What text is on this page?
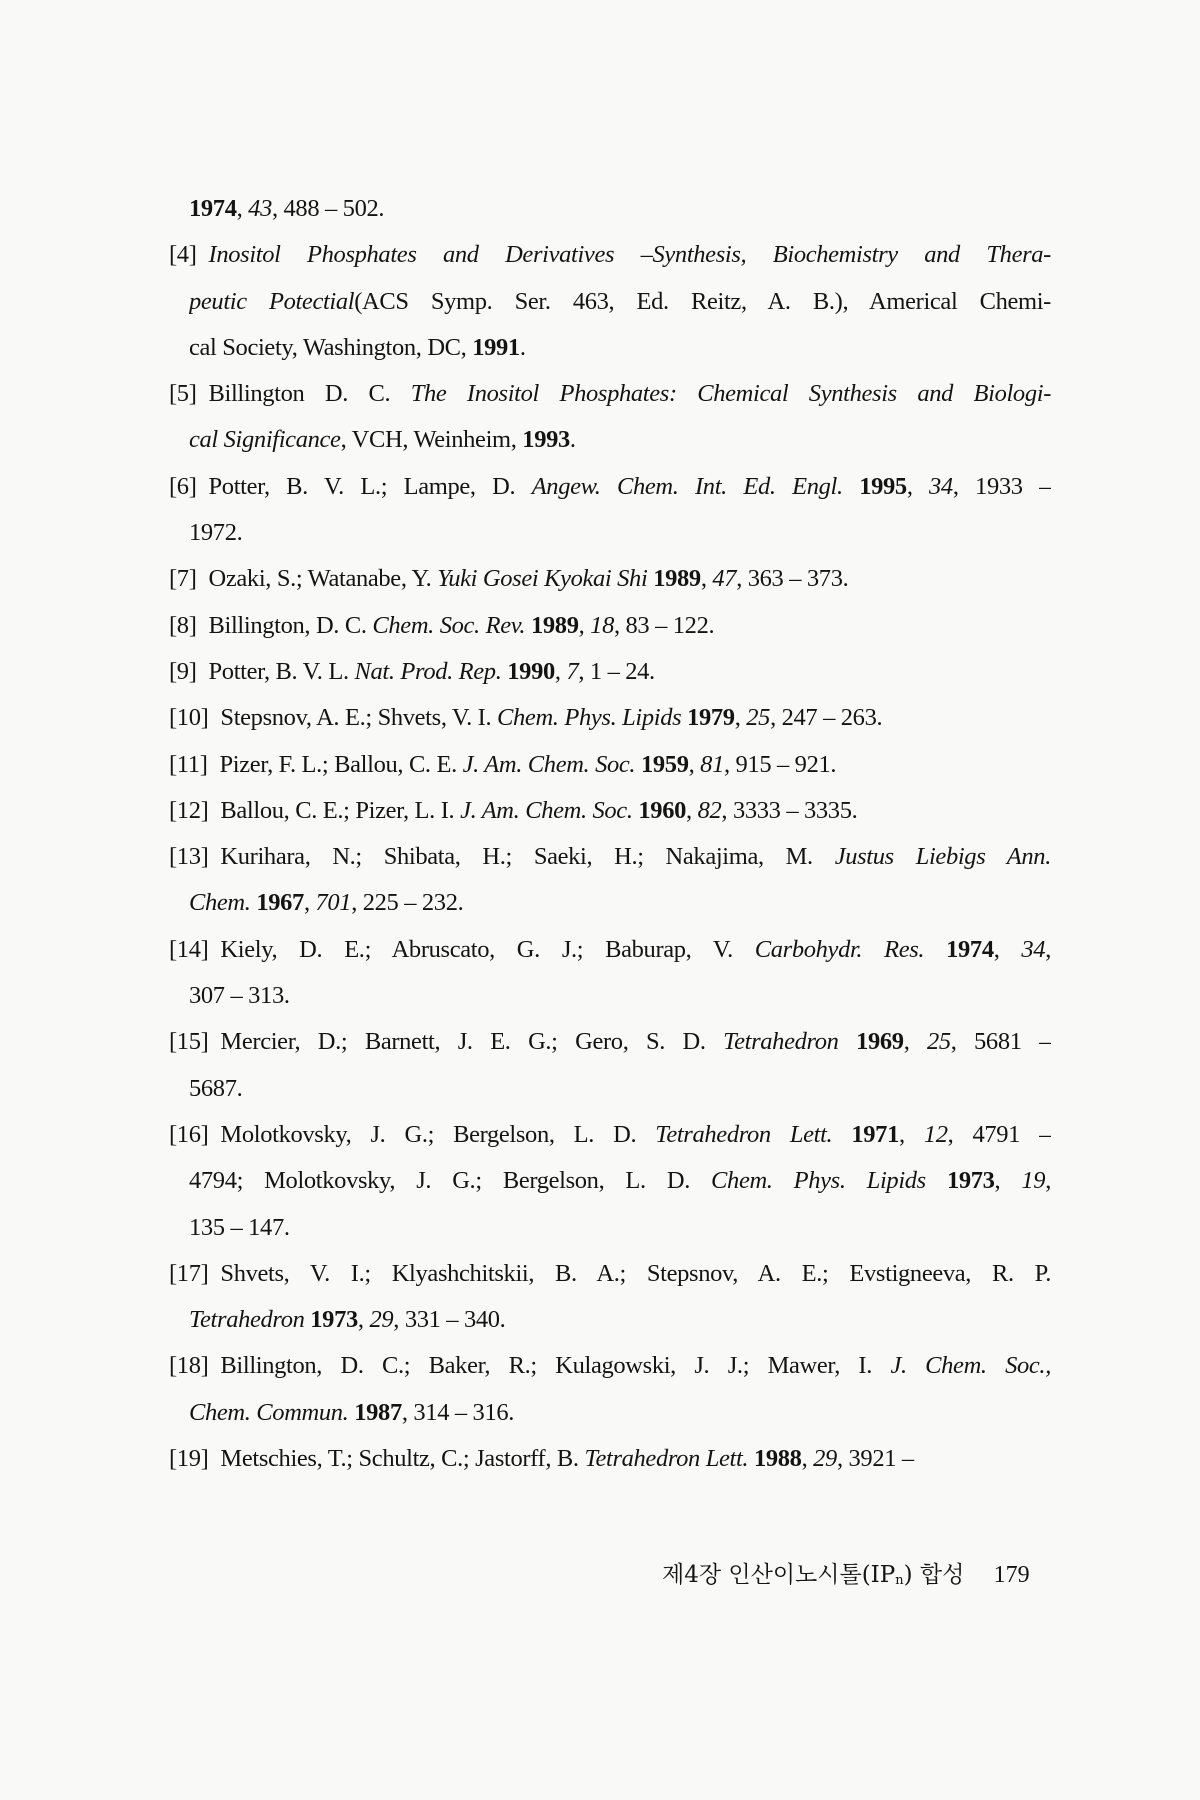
1974, 43, 488 – 502.
[4] Inositol Phosphates and Derivatives –Synthesis, Biochemistry and Thera-
peutic Potectial(ACS Symp. Ser. 463, Ed. Reitz, A. B.), Americal Chemi-
cal Society, Washington, DC, 1991.
[5] Billington D. C. The Inositol Phosphates: Chemical Synthesis and Biologi-
cal Significance, VCH, Weinheim, 1993.
[6] Potter, B. V. L.; Lampe, D. Angew. Chem. Int. Ed. Engl. 1995, 34, 1933 –
1972.
[7] Ozaki, S.; Watanabe, Y. Yuki Gosei Kyokai Shi 1989, 47, 363 – 373.
[8] Billington, D. C. Chem. Soc. Rev. 1989, 18, 83 – 122.
[9] Potter, B. V. L. Nat. Prod. Rep. 1990, 7, 1 – 24.
[10] Stepsnov, A. E.; Shvets, V. I. Chem. Phys. Lipids 1979, 25, 247 – 263.
[11] Pizer, F. L.; Ballou, C. E. J. Am. Chem. Soc. 1959, 81, 915 – 921.
[12] Ballou, C. E.; Pizer, L. I. J. Am. Chem. Soc. 1960, 82, 3333 – 3335.
[13] Kurihara, N.; Shibata, H.; Saeki, H.; Nakajima, M. Justus Liebigs Ann.
Chem. 1967, 701, 225 – 232.
[14] Kiely, D. E.; Abruscato, G. J.; Baburap, V. Carbohydr. Res. 1974, 34,
307 – 313.
[15] Mercier, D.; Barnett, J. E. G.; Gero, S. D. Tetrahedron 1969, 25, 5681 –
5687.
[16] Molotkovsky, J. G.; Bergelson, L. D. Tetrahedron Lett. 1971, 12, 4791 –
4794; Molotkovsky, J. G.; Bergelson, L. D. Chem. Phys. Lipids 1973, 19,
135 – 147.
[17] Shvets, V. I.; Klyashchitskii, B. A.; Stepsnov, A. E.; Evstigneeva, R. P.
Tetrahedron 1973, 29, 331 – 340.
[18] Billington, D. C.; Baker, R.; Kulagowski, J. J.; Mawer, I. J. Chem. Soc.,
Chem. Commun. 1987, 314 – 316.
[19] Metschies, T.; Schultz, C.; Jastorff, B. Tetrahedron Lett. 1988, 29, 3921 –
제4장 인산이노시톨$(IP_n)$ 합성 179
